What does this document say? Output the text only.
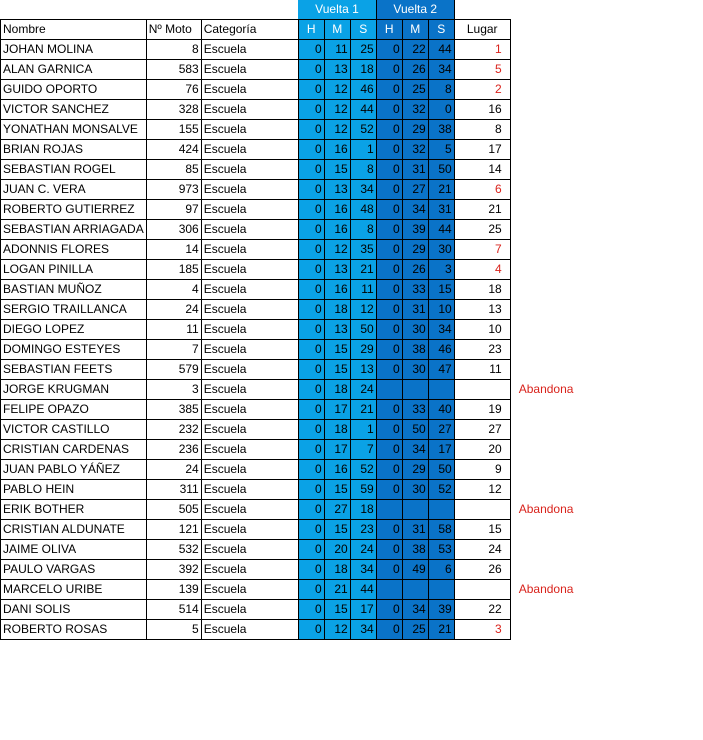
			Vuelta 1			Vuelta 2				
Nombre	Nº Moto	Categoría	H	M	S	H	M	S	Lugar	
JOHAN MOLINA	8	Escuela	0	11	25	0	22	44	1	
ALAN GARNICA	583	Escuela	0	13	18	0	26	34	5	
GUIDO OPORTO	76	Escuela	0	12	46	0	25	8	2	
VICTOR SANCHEZ	328	Escuela	0	12	44	0	32	0	16	
YONATHAN MONSALVE	155	Escuela	0	12	52	0	29	38	8	
BRIAN ROJAS	424	Escuela	0	16	1	0	32	5	17	
SEBASTIAN ROGEL	85	Escuela	0	15	8	0	31	50	14	
JUAN C. VERA	973	Escuela	0	13	34	0	27	21	6	
ROBERTO GUTIERREZ	97	Escuela	0	16	48	0	34	31	21	
SEBASTIAN ARRIAGADA	306	Escuela	0	16	8	0	39	44	25	
ADONNIS FLORES	14	Escuela	0	12	35	0	29	30	7	
LOGAN PINILLA	185	Escuela	0	13	21	0	26	3	4	
BASTIAN MUÑOZ	4	Escuela	0	16	11	0	33	15	18	
SERGIO TRAILLANCA	24	Escuela	0	18	12	0	31	10	13	
DIEGO LOPEZ	11	Escuela	0	13	50	0	30	34	10	
DOMINGO ESTEYES	7	Escuela	0	15	29	0	38	46	23	
SEBASTIAN FEETS	579	Escuela	0	15	13	0	30	47	11	
JORGE KRUGMAN	3	Escuela	0	18	24					Abandona
FELIPE OPAZO	385	Escuela	0	17	21	0	33	40	19	
VICTOR CASTILLO	232	Escuela	0	18	1	0	50	27	27	
CRISTIAN CARDENAS	236	Escuela	0	17	7	0	34	17	20	
JUAN PABLO YÁÑEZ	24	Escuela	0	16	52	0	29	50	9	
PABLO HEIN	311	Escuela	0	15	59	0	30	52	12	
ERIK BOTHER	505	Escuela	0	27	18					Abandona
CRISTIAN ALDUNATE	121	Escuela	0	15	23	0	31	58	15	
JAIME OLIVA	532	Escuela	0	20	24	0	38	53	24	
PAULO VARGAS	392	Escuela	0	18	34	0	49	6	26	
MARCELO URIBE	139	Escuela	0	21	44					Abandona
DANI SOLIS	514	Escuela	0	15	17	0	34	39	22	
ROBERTO ROSAS	5	Escuela	0	12	34	0	25	21	3	
